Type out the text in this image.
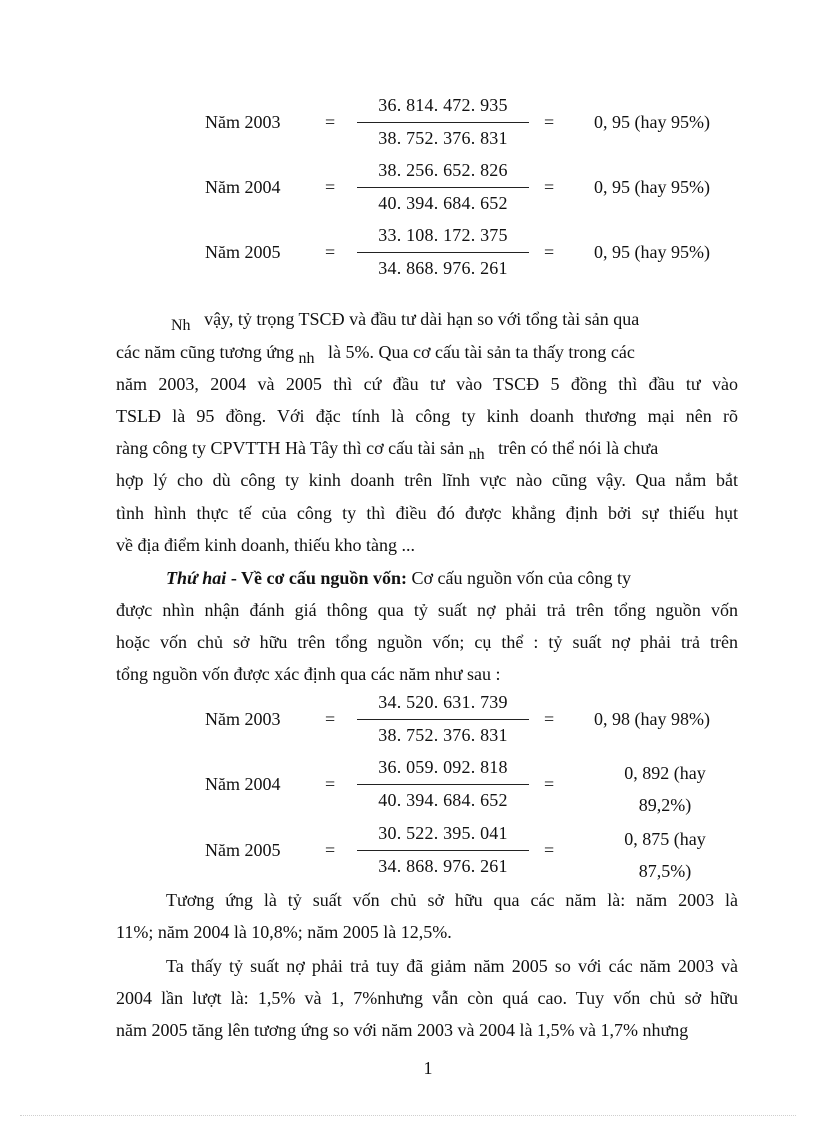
Năm 2003 =
36. 814. 472. 935
38. 752. 376. 831
= 0, 95 (hay 95%)
Năm 2004 =
38. 256. 652. 826
40. 394. 684. 652
= 0, 95 (hay 95%)
Năm 2005 =
33. 108. 172. 375
34. 868. 976. 261
= 0, 95 (hay 95%)
Nh vậy, tỷ trọng TSCĐ và đầu tư dài hạn so với tổng tài sản qua
các năm cũng tương ứng nh là 5%. Qua cơ cấu tài sản ta thấy trong các
năm 2003, 2004 và 2005 thì cứ đầu tư vào TSCĐ 5 đồng thì đầu tư vào
TSLĐ là 95 đồng. Với đặc tính là công ty kinh doanh thương mại nên rõ
ràng công ty CPVTTH Hà Tây thì cơ cấu tài sản nh trên có thể nói là chưa
hợp lý cho dù công ty kinh doanh trên lĩnh vực nào cũng vậy. Qua nắm bắt
tình hình thực tế của công ty thì điều đó được khẳng định bởi sự thiếu hụt
về địa điểm kinh doanh, thiếu kho tàng ...
Thứ hai - Về cơ cấu nguồn vốn: Cơ cấu nguồn vốn của công ty
được nhìn nhận đánh giá thông qua tỷ suất nợ phải trả trên tổng nguồn vốn
hoặc vốn chủ sở hữu trên tổng nguồn vốn; cụ thể : tỷ suất nợ phải trả trên
tổng nguồn vốn được xác định qua các năm như sau :
Năm 2003 =
34. 520. 631. 739
38. 752. 376. 831
= 0, 98 (hay 98%)
Năm 2004 =
36. 059. 092. 818
40. 394. 684. 652
=
0, 892 (hay
89,2%)
Năm 2005 =
30. 522. 395. 041
34. 868. 976. 261
=
0, 875 (hay
87,5%)
Tương ứng là tỷ suất vốn chủ sở hữu qua các năm là: năm 2003 là
11%; năm 2004 là 10,8%; năm 2005 là 12,5%.
Ta thấy tỷ suất nợ phải trả tuy đã giảm năm 2005 so với các năm 2003 và
2004 lần lượt là: 1,5% và 1, 7%nhưng vẫn còn quá cao. Tuy vốn chủ sở hữu
năm 2005 tăng lên tương ứng so với năm 2003 và 2004 là 1,5% và 1,7% nhưng
1
